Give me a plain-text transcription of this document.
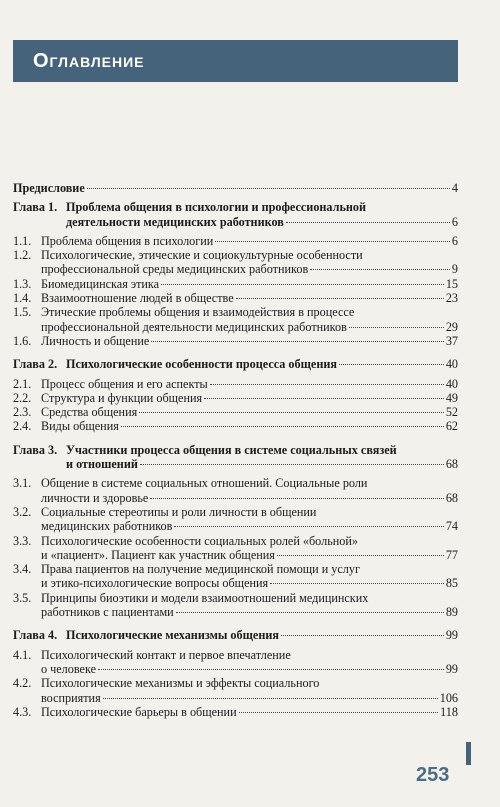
Оглавление
Предисловие	4
Глава 1. Проблема общения в психологии и профессиональной
деятельности медицинских работников	6
1.1. Проблема общения в психологии	6
1.2. Психологические, этические и социокультурные особенности
профессиональной среды медицинских работников	9
1.3. Биомедицинская этика	15
1.4. Взаимоотношение людей в обществе	23
1.5. Этические проблемы общения и взаимодействия в процессе
профессиональной деятельности медицинских работников	29
1.6. Личность и общение	37
Глава 2. Психологические особенности процесса общения	40
2.1. Процесс общения и его аспекты	40
2.2. Структура и функции общения	49
2.3. Средства общения	52
2.4. Виды общения	62
Глава 3. Участники процесса общения в системе социальных связей
и отношений	68
3.1. Общение в системе социальных отношений. Социальные роли
личности и здоровье	68
3.2. Социальные стереотипы и роли личности в общении
медицинских работников	74
3.3. Психологические особенности социальных ролей «больной»
и «пациент». Пациент как участник общения	77
3.4. Права пациентов на получение медицинской помощи и услуг
и этико-психологические вопросы общения	85
3.5. Принципы биоэтики и модели взаимоотношений медицинских
работников с пациентами	89
Глава 4. Психологические механизмы общения	99
4.1. Психологический контакт и первое впечатление
о человеке	99
4.2. Психологические механизмы и эффекты социального
восприятия	106
4.3. Психологические барьеры в общении	118
253
